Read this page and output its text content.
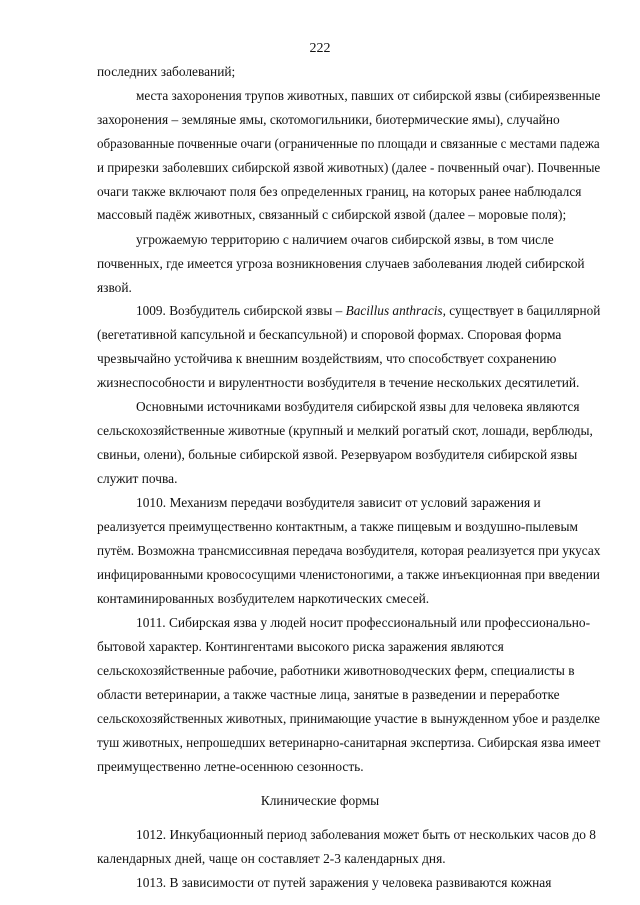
222
последних заболеваний;
места захоронения трупов животных, павших от сибирской язвы (сибиреязвенные
захоронения – земляные ямы, скотомогильники, биотермические ямы), случайно
образованные почвенные очаги (ограниченные по площади и связанные с местами падежа
и прирезки заболевших сибирской язвой животных) (далее - почвенный очаг). Почвенные
очаги также включают поля без определенных границ, на которых ранее наблюдался
массовый падёж животных, связанный с сибирской язвой (далее – моровые поля);
угрожаемую территорию с наличием очагов сибирской язвы, в том числе
почвенных, где имеется угроза возникновения случаев заболевания людей сибирской
язвой.
1009. Возбудитель сибирской язвы – Bacillus anthracis, существует в бациллярной
(вегетативной капсульной и бескапсульной) и споровой формах. Споровая форма
чрезвычайно устойчива к внешним воздействиям, что способствует сохранению
жизнеспособности и вирулентности возбудителя в течение нескольких десятилетий.
Основными источниками возбудителя сибирской язвы для человека являются
сельскохозяйственные животные (крупный и мелкий рогатый скот, лошади, верблюды,
свиньи, олени), больные сибирской язвой. Резервуаром возбудителя сибирской язвы
служит почва.
1010. Механизм передачи возбудителя зависит от условий заражения и
реализуется преимущественно контактным, а также пищевым и воздушно-пылевым
путём. Возможна трансмиссивная передача возбудителя, которая реализуется при укусах
инфицированными кровососущими членистоногими, а также инъекционная при введении
контаминированных возбудителем наркотических смесей.
1011. Сибирская язва у людей носит профессиональный или профессионально-
бытовой характер. Контингентами высокого риска заражения являются
сельскохозяйственные рабочие, работники животноводческих ферм, специалисты в
области ветеринарии, а также частные лица, занятые в разведении и переработке
сельскохозяйственных животных, принимающие участие в вынужденном убое и разделке
туш животных, непрошедших ветеринарно-санитарная экспертиза. Сибирская язва имеет
преимущественно летне-осеннюю сезонность.
Клинические формы
1012. Инкубационный период заболевания может быть от нескольких часов до 8
календарных дней, чаще он составляет 2-3 календарных дня.
1013. В зависимости от путей заражения у человека развиваются кожная
